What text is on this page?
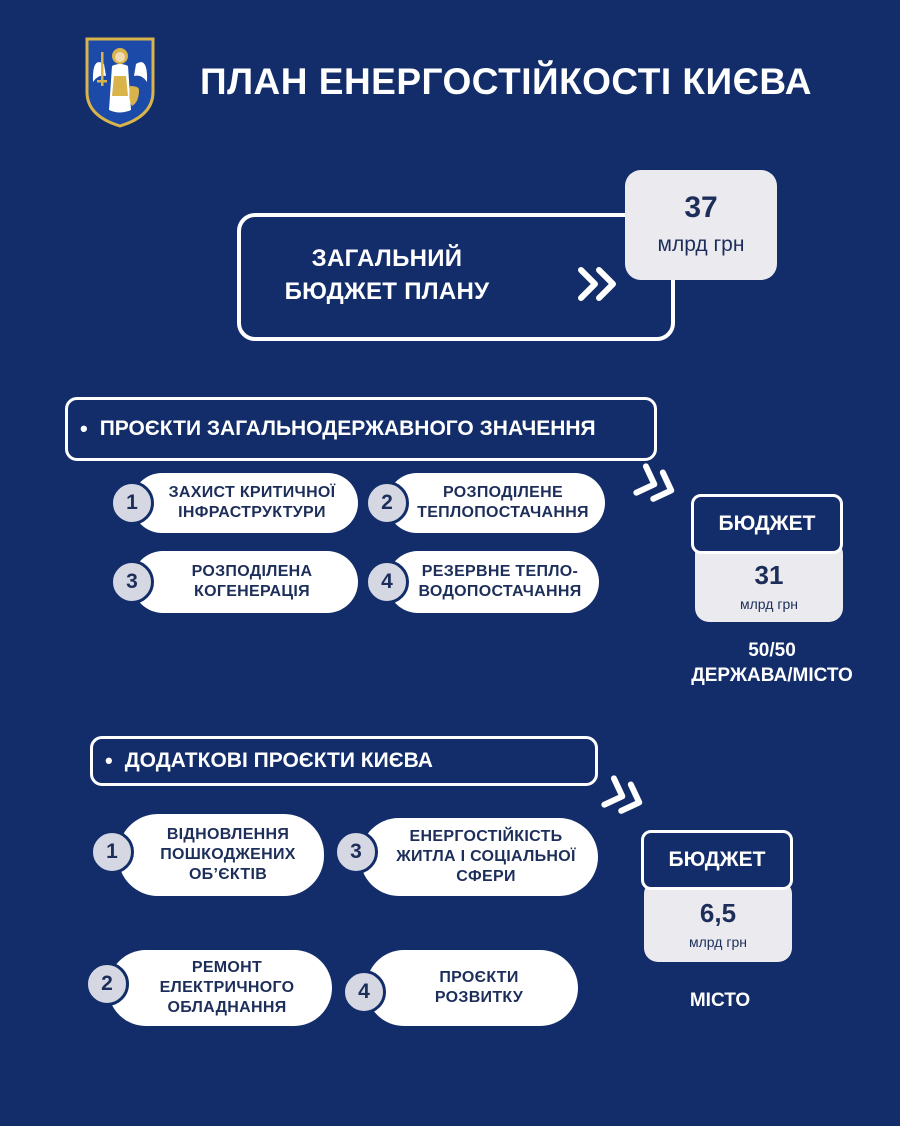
ПЛАН ЕНЕРГОСТІЙКОСТІ КИЄВА
ЗАГАЛЬНИЙ
БЮДЖЕТ ПЛАНУ
37
млрд грн
• ПРОЄКТИ ЗАГАЛЬНОДЕРЖАВНОГО ЗНАЧЕННЯ
ЗАХИСТ КРИТИЧНОЇ
ІНФРАСТРУКТУРИ
1	РОЗПОДІЛЕНЕ
ТЕПЛОПОСТАЧАННЯ
2
РОЗПОДІЛЕНА
КОГЕНЕРАЦІЯ
3	РЕЗЕРВНЕ ТЕПЛО-
ВОДОПОСТАЧАННЯ
4	31
млрд грн
БЮДЖЕТ
50/50
ДЕРЖАВА/МІСТО
• ДОДАТКОВІ ПРОЄКТИ КИЄВА
ВІДНОВЛЕННЯ
ПОШКОДЖЕНИХ
ОБ’ЄКТІВ
1
ЕНЕРГОСТІЙКІСТЬ
ЖИТЛА І СОЦІАЛЬНОЇ
СФЕРИ
3
РЕМОНТ
ЕЛЕКТРИЧНОГО
ОБЛАДНАННЯ
2	ПРОЄКТИ
РОЗВИТКУ
4
6,5
млрд грн
БЮДЖЕТ
МІСТО
